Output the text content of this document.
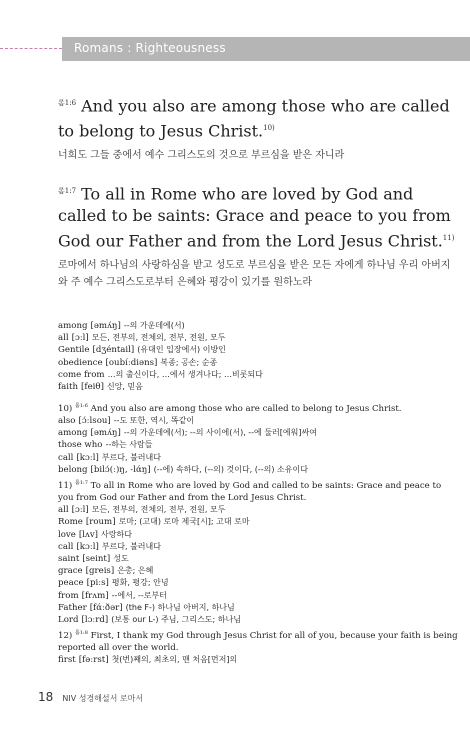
Romans : Righteousness
$^{롬1:6}$ And you also are among those who are called to belong to Jesus Christ.$^{10)}$
너희도 그들 중에서 예수 그리스도의 것으로 부르심을 받은 자니라
$^{롬1:7}$ To all in Rome who are loved by God and called to be saints: Grace and peace to you from God our Father and from the Lord Jesus Christ.$^{11)}$
로마에서 하나님의 사랑하심을 받고 성도로 부르심을 받은 모든 자에게 하나님 우리 아버지와 주 예수 그리스도로부터 은혜와 평강이 있기를 원하노라
among [əmʌ́ŋ] --의 가운데에(서)
all [ɔːl] 모든, 전부의, 전체의, 전부, 전원, 모두
Gentile [dʒéntail] (유대인 입장에서) 이방인
obedience [oubíːdiəns] 복종; 공손; 순종
come from …의 출신이다, …에서 생겨나다; …비롯되다
faith [feiθ] 신앙, 믿음
10) $^{롬1:6}$ And you also are among those who are called to belong to Jesus Christ.
also [ɔ́ːlsou] --도 또한, 역시, 똑같이
among [əmʌ́ŋ] --의 가운데에(서); --의 사이에(서), --에 둘러[에워]싸여
those who --하는 사람들
call [kɔːl] 부르다, 불러내다
belong [bilɔ́(ː)ŋ, -lάŋ] (--에) 속하다, (--의) 것이다, (--의) 소유이다
11) $^{롬1:7}$ To all in Rome who are loved by God and called to be saints: Grace and peace to you from God our Father and from the Lord Jesus Christ.
all [ɔːl] 모든, 전부의, 전체의, 전부, 전원, 모두
Rome [roum] 로마; (고대) 로마 제국[시]; 고대 로마
love [lʌv] 사랑하다
call [kɔːl] 부르다, 불러내다
saint [seint] 성도
grace [greis] 은총; 은혜
peace [piːs] 평화, 평강; 안녕
from [frʌm] --에서, --로부터
Father [fάːðər] (the F-) 하나님 아버지, 하나님
Lord [lɔːrd] (보통 our L-) 주님, 그리스도; 하나님
12) $^{롬1:8}$ First, I thank my God through Jesus Christ for all of you, because your faith is being reported all over the world.
first [fəːrst] 첫(번)째의, 최초의, 맨 처음[먼저]의
18 NIV 성경해설서 로마서
